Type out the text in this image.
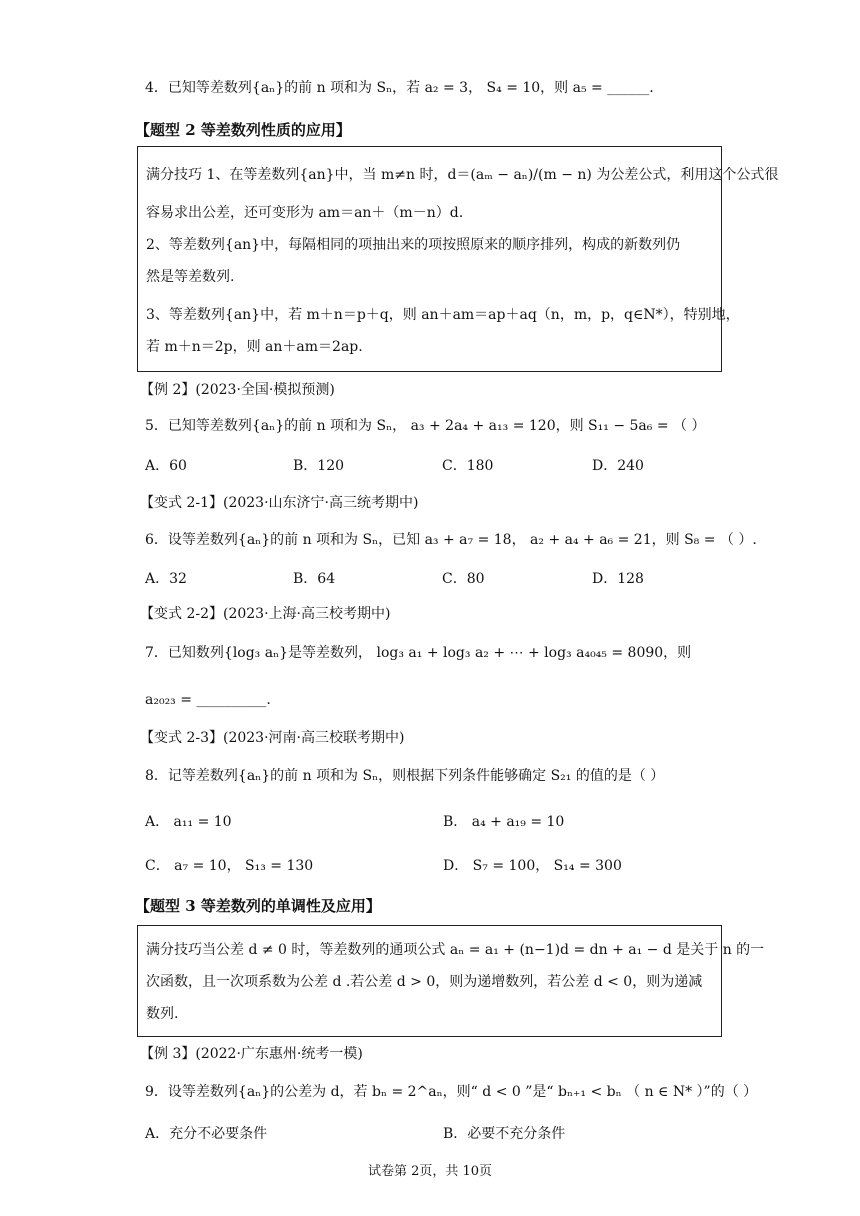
4．已知等差数列{aₙ}的前 n 项和为 Sₙ，若 a₂ = 3， S₄ = 10，则 a₅ = ______.
【题型 2 等差数列性质的应用】
满分技巧 1、在等差数列{an}中，当 m≠n 时，d＝(aₘ − aₙ)/(m − n) 为公差公式，利用这个公式很
容易求出公差，还可变形为 am＝an＋（m－n）d.
2、等差数列{an}中，每隔相同的项抽出来的项按照原来的顺序排列，构成的新数列仍
然是等差数列.
3、等差数列{an}中，若 m＋n＝p＋q，则 an＋am＝ap＋aq（n，m，p，q∈N*），特别地，
若 m＋n＝2p，则 an＋am＝2ap.
【例 2】(2023·全国·模拟预测)
5．已知等差数列{aₙ}的前 n 项和为 Sₙ， a₃ + 2a₄ + a₁₃ = 120，则 S₁₁ − 5a₆ = （ ）
A．60	B．120	C．180	D．240
【变式 2-1】(2023·山东济宁·高三统考期中)
6．设等差数列{aₙ}的前 n 项和为 Sₙ，已知 a₃ + a₇ = 18， a₂ + a₄ + a₆ = 21，则 S₈ = （ ）.
A．32	B．64	C．80	D．128
【变式 2-2】(2023·上海·高三校考期中)
7．已知数列{log₃ aₙ}是等差数列， log₃ a₁ + log₃ a₂ + ⋯ + log₃ a₄₀₄₅ = 8090，则
a₂₀₂₃ = __________.
【变式 2-3】(2023·河南·高三校联考期中)
8．记等差数列{aₙ}的前 n 项和为 Sₙ，则根据下列条件能够确定 S₂₁ 的值的是（ ）
A． a₁₁ = 10	B． a₄ + a₁₉ = 10
C． a₇ = 10， S₁₃ = 130	D． S₇ = 100， S₁₄ = 300
【题型 3 等差数列的单调性及应用】
满分技巧当公差 d ≠ 0 时，等差数列的通项公式 aₙ = a₁ + (n−1)d = dn + a₁ − d 是关于 n 的一
次函数，且一次项系数为公差 d .若公差 d > 0，则为递增数列，若公差 d < 0，则为递减
数列.
【例 3】(2022·广东惠州·统考一模)
9．设等差数列{aₙ}的公差为 d，若 bₙ = 2^aₙ，则“ d < 0 ”是“ bₙ₊₁ < bₙ （ n ∈ N* ）”的（ ）
A．充分不必要条件	B．必要不充分条件
试卷第 2页，共 10页
